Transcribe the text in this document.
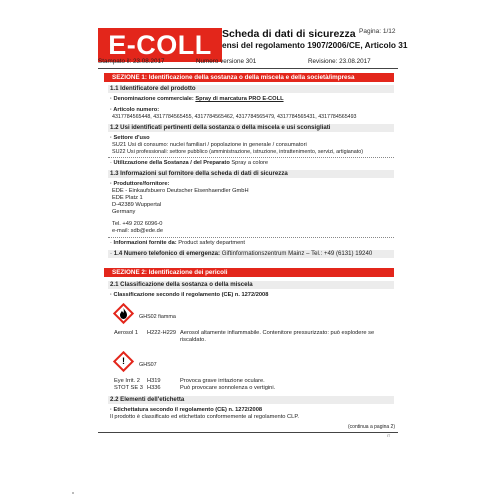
E-COLL Scheda di dati di sicurezza
ensi del regolamento 1907/2006/CE, Articolo 31
Pagina: 1/12
Stampato il: 23.08.2017	Numero versione 301	Revisione: 23.08.2017
SEZIONE 1: Identificazione della sostanza o della miscela e della società/impresa
1.1 Identificatore del prodotto
· Denominazione commerciale: Spray di marcatura PRO E-COLL
· Articolo numero:
4317784565448, 4317784565455, 4317784565462, 4317784565479, 4317784565431, 4317784565493
1.2 Usi identificati pertinenti della sostanza o della miscela e usi sconsigliati
· Settore d'uso
SU21 Usi di consumo: nuclei familiari / popolazione in generale / consumatori
SU22 Usi professionali: settore pubblico (amministrazione, istruzione, intrattenimento, servizi, artigianato)
· Utilizzazione della Sostanza / del Preparato Spray a colore
1.3 Informazioni sul fornitore della scheda di dati di sicurezza
· Produttore/fornitore:
EDE - Einkaufsbuero Deutscher Eisenhaendler GmbH
EDE Platz 1
D-42389 Wuppertal
Germany
Tel. +49 202 6096-0
e-mail: sdb@ede.de
· Informazioni fornite da: Product safety department
· 1.4 Numero telefonico di emergenza: Giftinformationszentrum Mainz – Tel.: +49 (6131) 19240
SEZIONE 2: Identificazione dei pericoli
2.1 Classificazione della sostanza o della miscela
· Classificazione secondo il regolamento (CE) n. 1272/2008
GHS02 fiamma
Aerosol 1 H222-H229 Aerosol altamente infiammabile. Contenitore pressurizzato: può esplodere se
riscaldato.
!	GHS07
Eye Irrit. 2 H319	Provoca grave irritazione oculare.
STOT SE 3 H336	Può provocare sonnolenza o vertigini.
2.2 Elementi dell'etichetta
· Etichettatura secondo il regolamento (CE) n. 1272/2008
Il prodotto è classificato ed etichettato conformemente al regolamento CLP.
(continua a pagina 2)
IT
